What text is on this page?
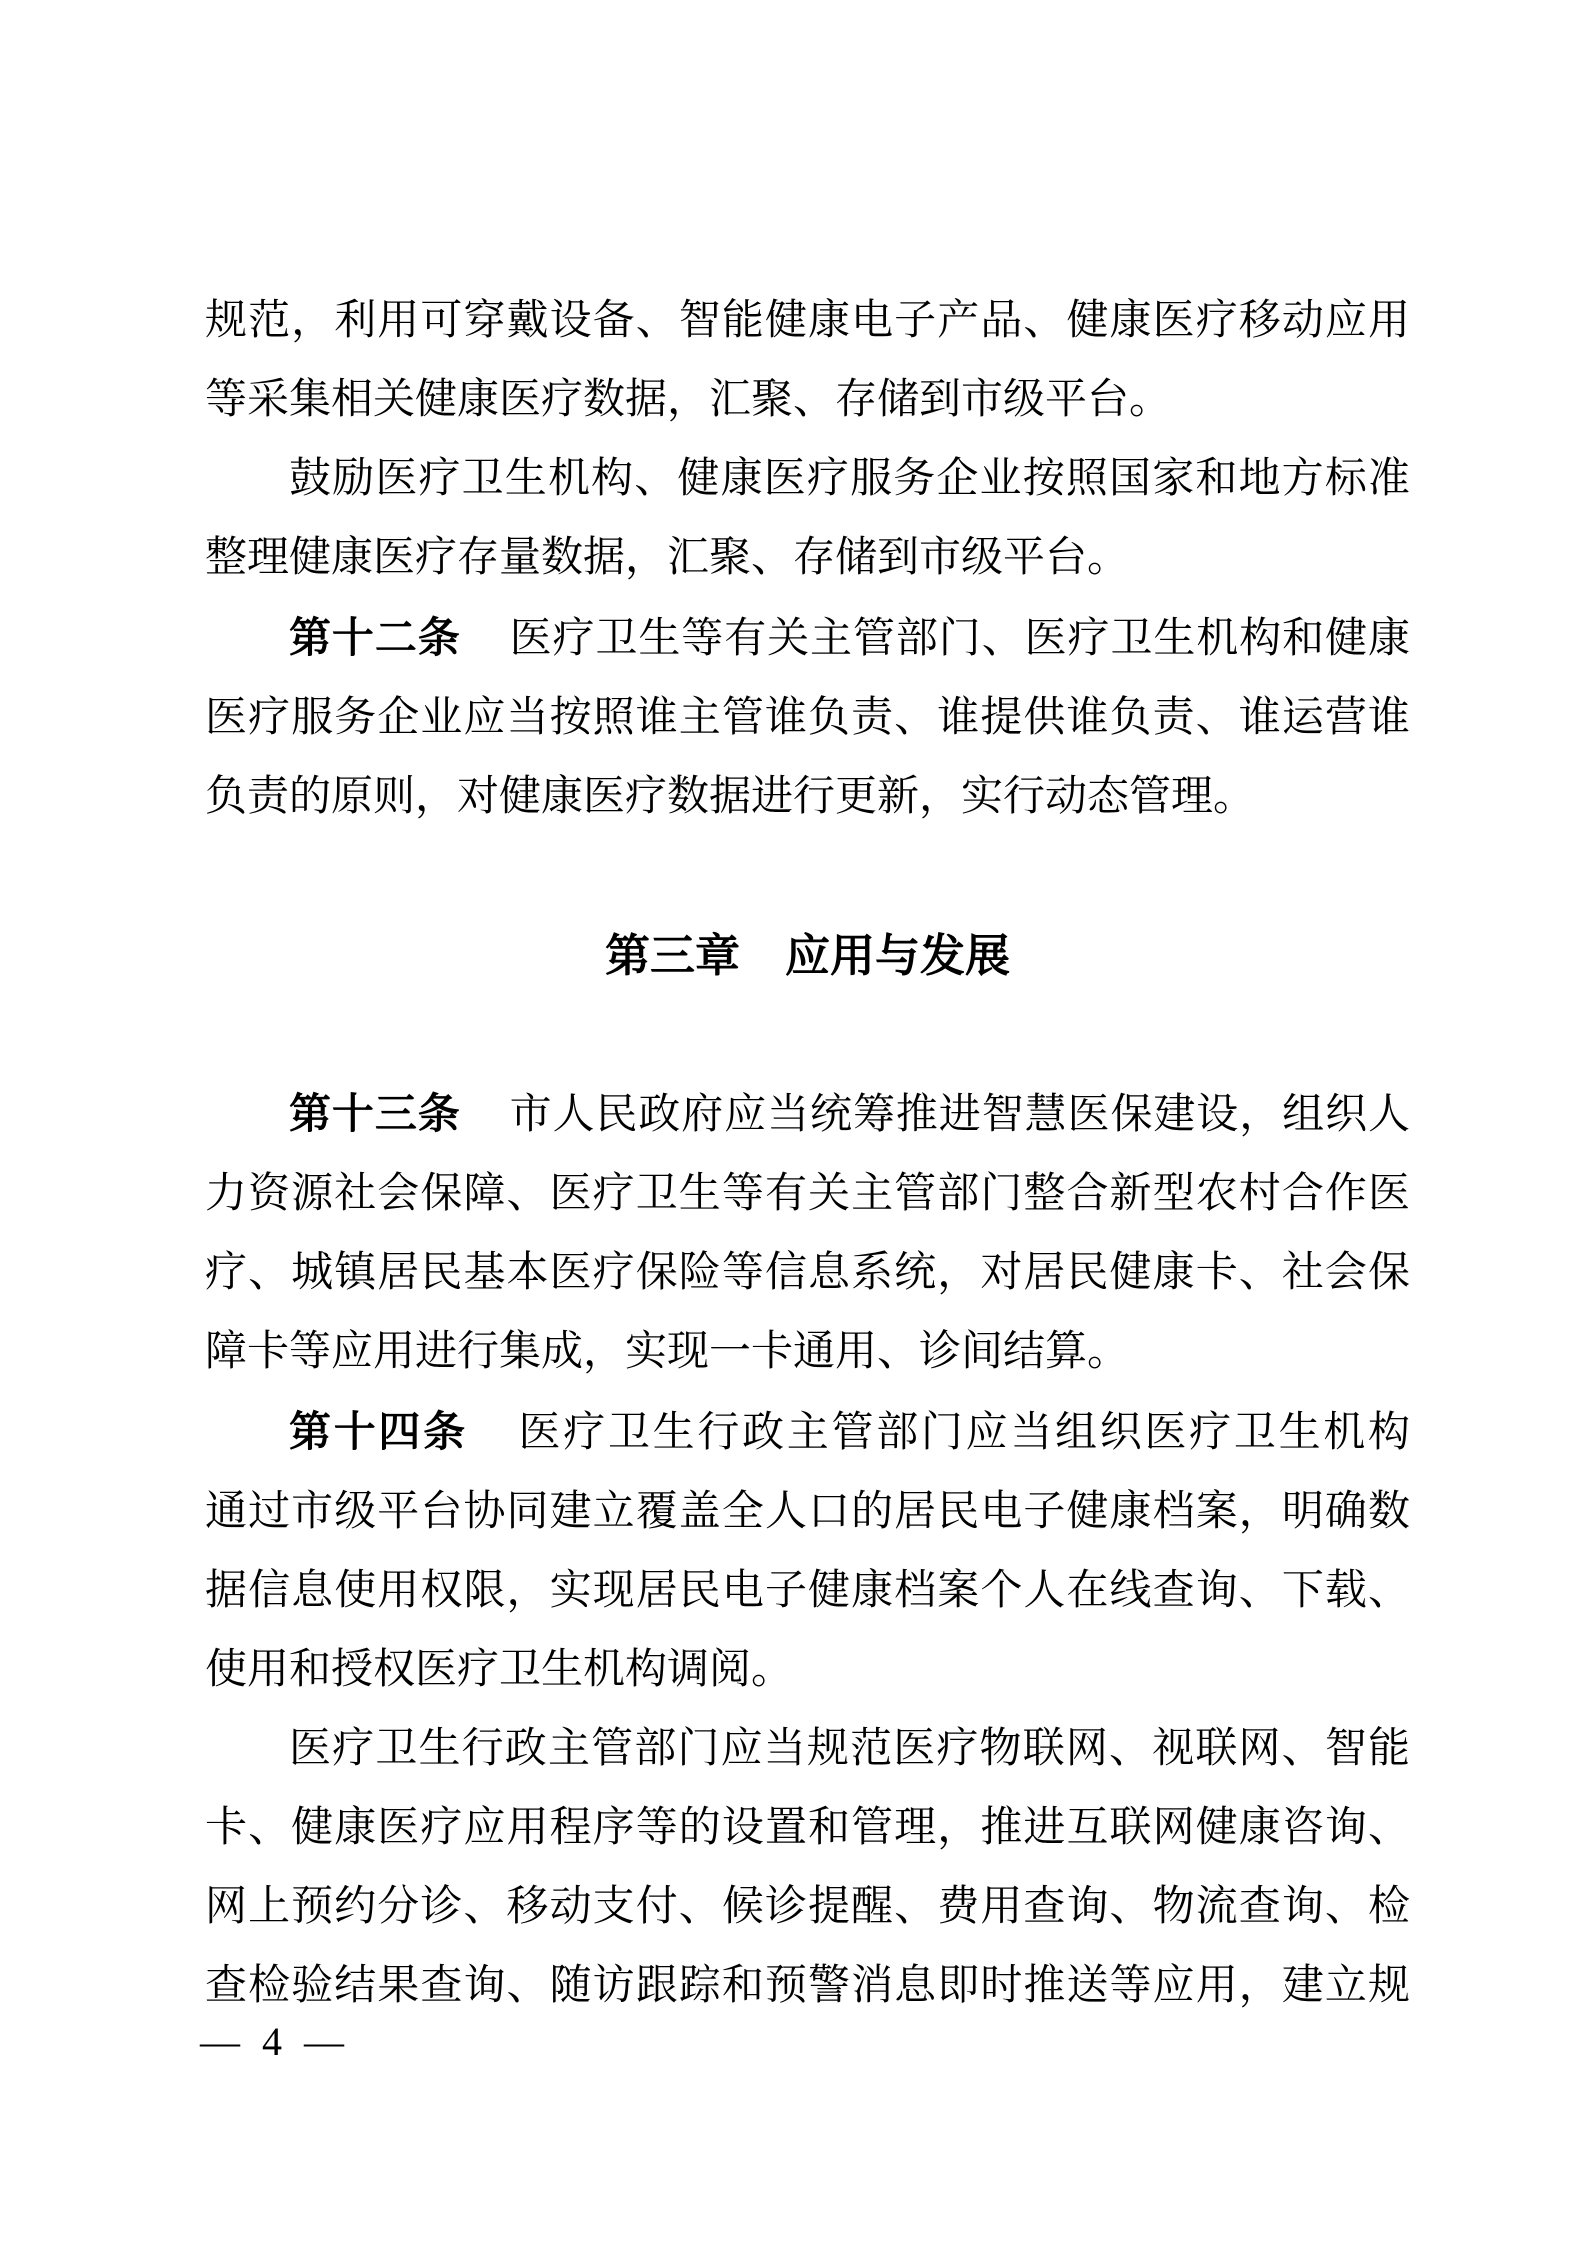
规范，利用可穿戴设备、智能健康电子产品、健康医疗移动应用
等采集相关健康医疗数据，汇聚、存储到市级平台。
鼓励医疗卫生机构、健康医疗服务企业按照国家和地方标准
整理健康医疗存量数据，汇聚、存储到市级平台。
第十二条　医疗卫生等有关主管部门、医疗卫生机构和健康
医疗服务企业应当按照谁主管谁负责、谁提供谁负责、谁运营谁
负责的原则，对健康医疗数据进行更新，实行动态管理。
第三章　应用与发展
第十三条　市人民政府应当统筹推进智慧医保建设，组织人
力资源社会保障、医疗卫生等有关主管部门整合新型农村合作医
疗、城镇居民基本医疗保险等信息系统，对居民健康卡、社会保
障卡等应用进行集成，实现一卡通用、诊间结算。
第十四条　医疗卫生行政主管部门应当组织医疗卫生机构
通过市级平台协同建立覆盖全人口的居民电子健康档案，明确数
据信息使用权限，实现居民电子健康档案个人在线查询、下载、
使用和授权医疗卫生机构调阅。
医疗卫生行政主管部门应当规范医疗物联网、视联网、智能
卡、健康医疗应用程序等的设置和管理，推进互联网健康咨询、
网上预约分诊、移动支付、候诊提醒、费用查询、物流查询、检
查检验结果查询、随访跟踪和预警消息即时推送等应用，建立规
— 4 —
